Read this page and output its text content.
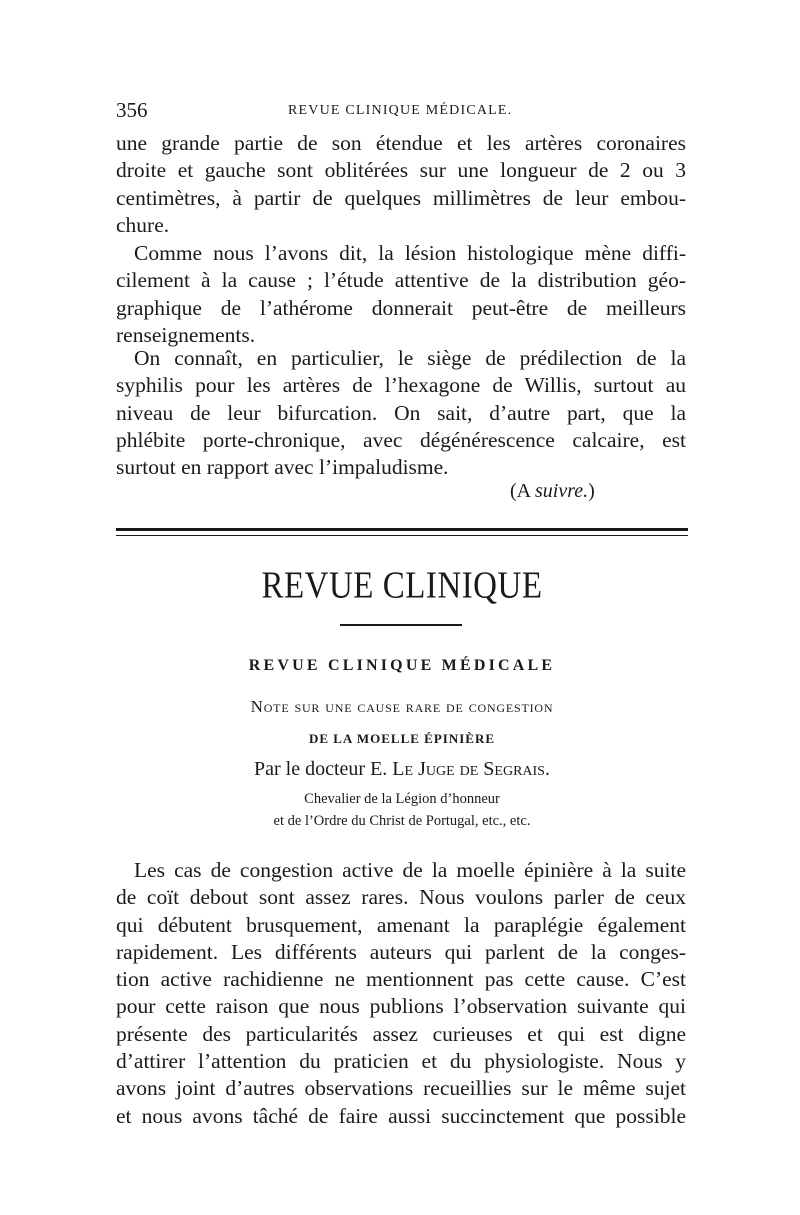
356	REVUE CLINIQUE MÉDICALE.
une grande partie de son étendue et les artères coronaires
droite et gauche sont oblitérées sur une longueur de 2 ou 3
centimètres, à partir de quelques millimètres de leur embou-
chure.
Comme nous l’avons dit, la lésion histologique mène diffi-
cilement à la cause ; l’étude attentive de la distribution géo-
graphique de l’athérome donnerait peut-être de meilleurs
renseignements.
On connaît, en particulier, le siège de prédilection de la
syphilis pour les artères de l’hexagone de Willis, surtout au
niveau de leur bifurcation. On sait, d’autre part, que la
phlébite porte-chronique, avec dégénérescence calcaire, est
surtout en rapport avec l’impaludisme.
(A suivre.)
REVUE CLINIQUE
REVUE CLINIQUE MÉDICALE
Note sur une cause rare de congestion
DE LA MOELLE ÉPINIÈRE
Par le docteur E. Le Juge de Segrais.
Chevalier de la Légion d’honneur
et de l’Ordre du Christ de Portugal, etc., etc.
Les cas de congestion active de la moelle épinière à la suite
de coït debout sont assez rares. Nous voulons parler de ceux
qui débutent brusquement, amenant la paraplégie également
rapidement. Les différents auteurs qui parlent de la conges-
tion active rachidienne ne mentionnent pas cette cause. C’est
pour cette raison que nous publions l’observation suivante qui
présente des particularités assez curieuses et qui est digne
d’attirer l’attention du praticien et du physiologiste. Nous y
avons joint d’autres observations recueillies sur le même sujet
et nous avons tâché de faire aussi succinctement que possible
